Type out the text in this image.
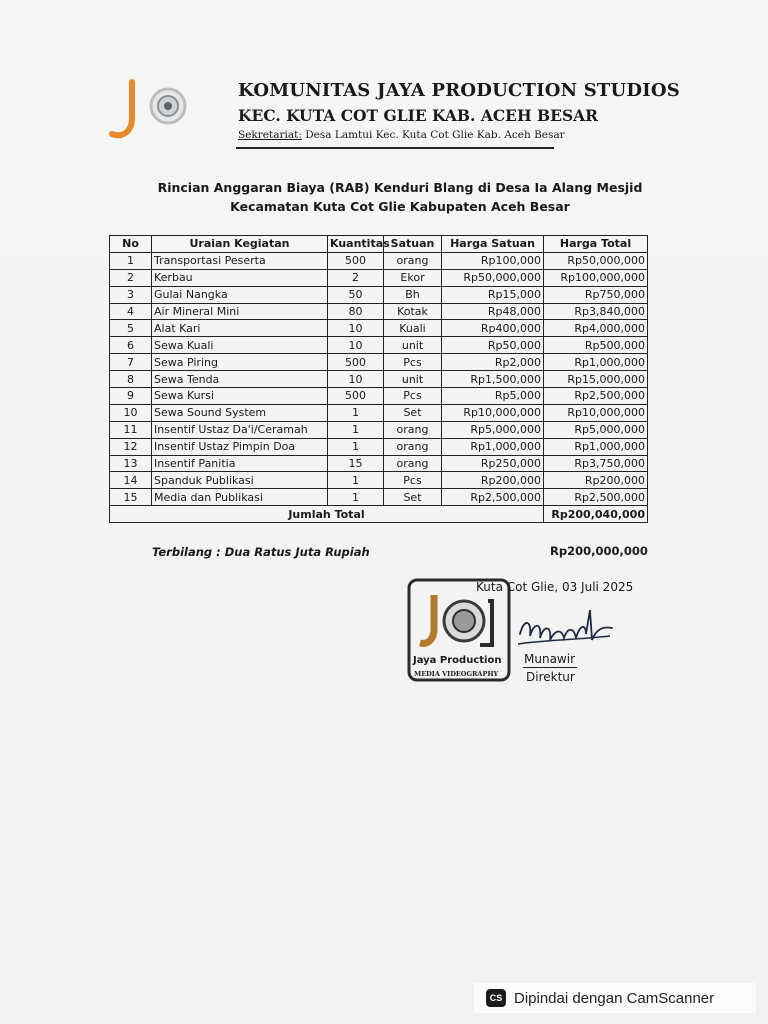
KOMUNITAS JAYA PRODUCTION STUDIOS
KEC. KUTA COT GLIE KAB. ACEH BESAR
Sekretariat: Desa Lamtui Kec. Kuta Cot Glie Kab. Aceh Besar
Rincian Anggaran Biaya (RAB) Kenduri Blang di Desa Ia Alang Mesjid
Kecamatan Kuta Cot Glie Kabupaten Aceh Besar
No	Uraian Kegiatan	Kuantitas	Satuan	Harga Satuan	Harga Total
1	Transportasi Peserta	500	orang	Rp100,000	Rp50,000,000
2	Kerbau	2	Ekor	Rp50,000,000	Rp100,000,000
3	Gulai Nangka	50	Bh	Rp15,000	Rp750,000
4	Air Mineral Mini	80	Kotak	Rp48,000	Rp3,840,000
5	Alat Kari	10	Kuali	Rp400,000	Rp4,000,000
6	Sewa Kuali	10	unit	Rp50,000	Rp500,000
7	Sewa Piring	500	Pcs	Rp2,000	Rp1,000,000
8	Sewa Tenda	10	unit	Rp1,500,000	Rp15,000,000
9	Sewa Kursi	500	Pcs	Rp5,000	Rp2,500,000
10	Sewa Sound System	1	Set	Rp10,000,000	Rp10,000,000
11	Insentif Ustaz Da'i/Ceramah	1	orang	Rp5,000,000	Rp5,000,000
12	Insentif Ustaz Pimpin Doa	1	orang	Rp1,000,000	Rp1,000,000
13	Insentif Panitia	15	orang	Rp250,000	Rp3,750,000
14	Spanduk Publikasi	1	Pcs	Rp200,000	Rp200,000
15	Media dan Publikasi	1	Set	Rp2,500,000	Rp2,500,000
Jumlah Total					Rp200,040,000
Terbilang : Dua Ratus Juta Rupiah	Rp200,000,000
Jaya Production
MEDIA VIDEOGRAPHY
Kuta Cot Glie, 03 Juli 2025
Munawir
Direktur
CS Dipindai dengan CamScanner
